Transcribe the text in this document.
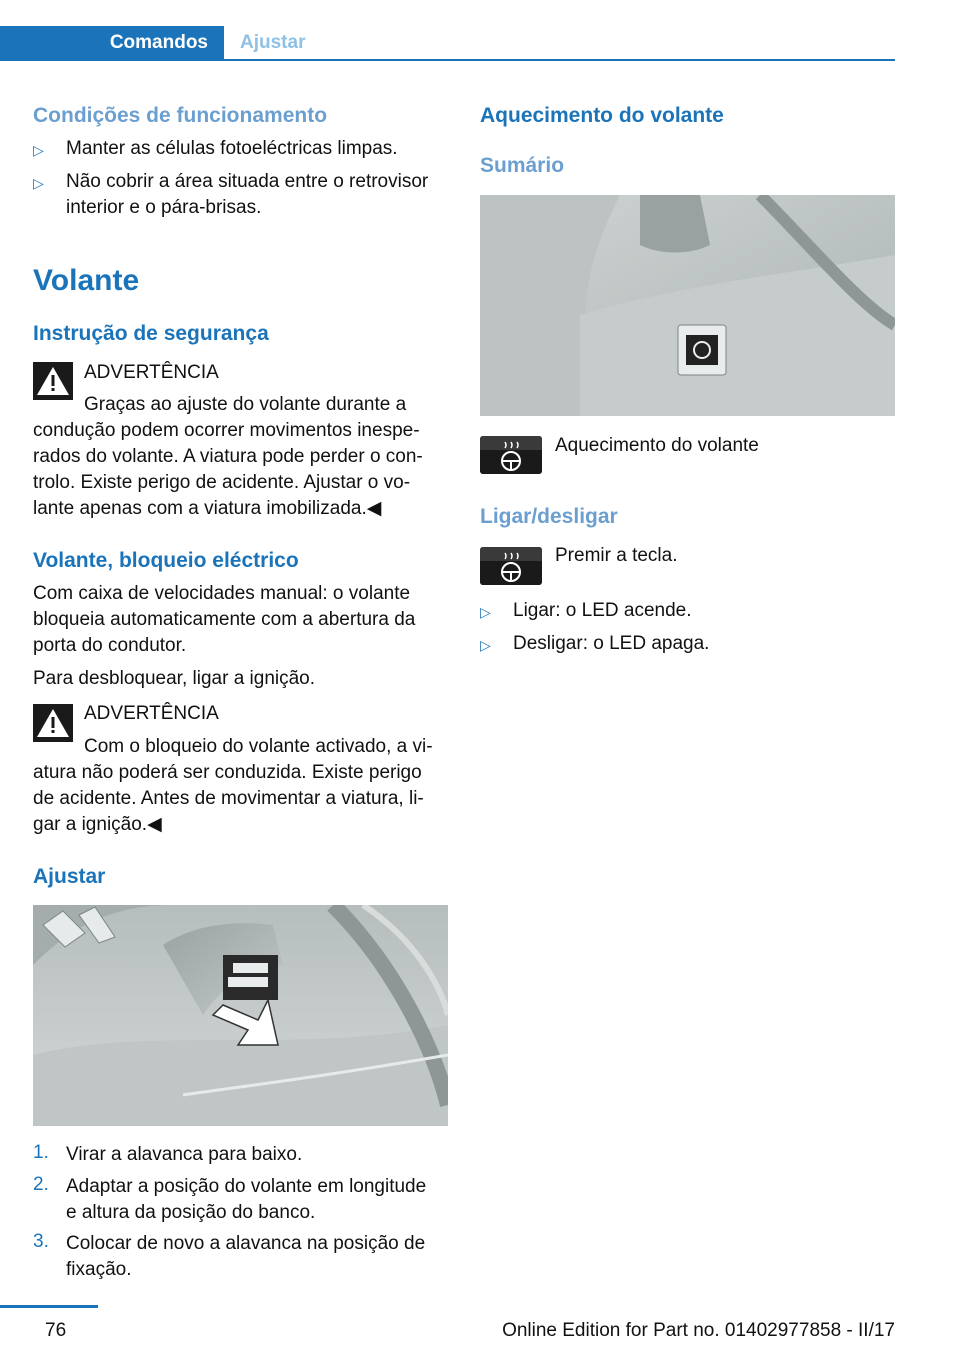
Comandos	Ajustar
Condições de funcionamento
▷ Manter as células fotoeléctricas limpas.
▷ Não cobrir a área situada entre o retrovisor
interior e o pára-brisas.
Volante
Instrução de segurança
ADVERTÊNCIA
Graças ao ajuste do volante durante a
condução podem ocorrer movimentos inespe-
rados do volante. A viatura pode perder o con-
trolo. Existe perigo de acidente. Ajustar o vo-
lante apenas com a viatura imobilizada.◀
Volante, bloqueio eléctrico
Com caixa de velocidades manual: o volante
bloqueia automaticamente com a abertura da
porta do condutor.
Para desbloquear, ligar a ignição.
ADVERTÊNCIA
Com o bloqueio do volante activado, a vi-
atura não poderá ser conduzida. Existe perigo
de acidente. Antes de movimentar a viatura, li-
gar a ignição.◀
Ajustar
1. Virar a alavanca para baixo.
2. Adaptar a posição do volante em longitude
e altura da posição do banco.
3. Colocar de novo a alavanca na posição de
fixação.
Aquecimento do volante
Sumário
Aquecimento do volante
Ligar/desligar
Premir a tecla.
▷ Ligar: o LED acende.
▷ Desligar: o LED apaga.
76	Online Edition for Part no. 01402977858 - II/17
